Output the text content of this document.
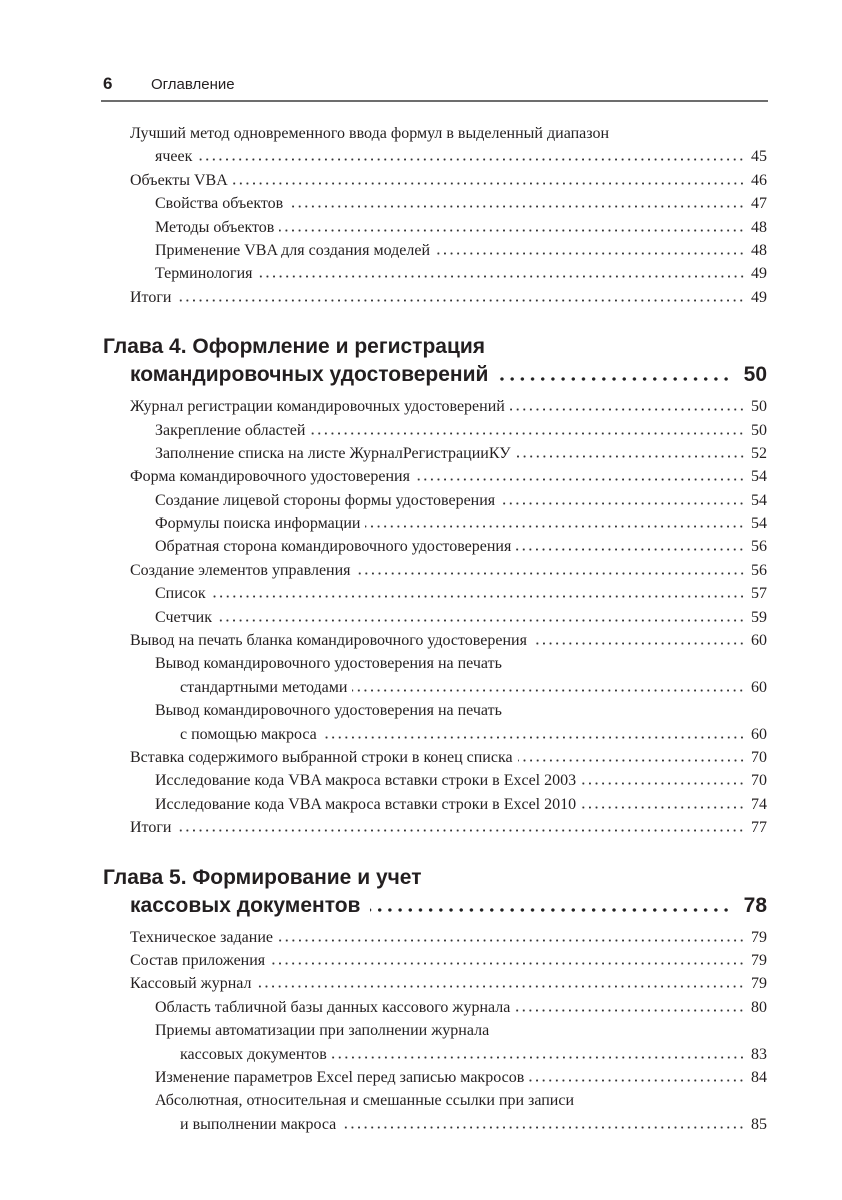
6	Оглавление
Лучший метод одновременного ввода формул в выделенный диапазон
ячеек	45
Объекты VBA	46
Свойства объектов	47
Методы объектов	48
Применение VBA для создания моделей	48
Терминология	49
Итоги	49
Глава 4. Оформление и регистрация
командировочных удостоверений	50
Журнал регистрации командировочных удостоверений	50
Закрепление областей	50
Заполнение списка на листе ЖурналРегистрацииКУ	52
Форма командировочного удостоверения	54
Создание лицевой стороны формы удостоверения	54
Формулы поиска информации	54
Обратная сторона командировочного удостоверения	56
Создание элементов управления	56
Список	57
Счетчик	59
Вывод на печать бланка командировочного удостоверения	60
Вывод командировочного удостоверения на печать
стандартными методами	60
Вывод командировочного удостоверения на печать
с помощью макроса	60
Вставка содержимого выбранной строки в конец списка	70
Исследование кода VBA макроса вставки строки в Excel 2003	70
Исследование кода VBA макроса вставки строки в Excel 2010	74
Итоги	77
Глава 5. Формирование и учет
кассовых документов	78
Техническое задание	79
Состав приложения	79
Кассовый журнал	79
Область табличной базы данных кассового журнала	80
Приемы автоматизации при заполнении журнала
кассовых документов	83
Изменение параметров Excel перед записью макросов	84
Абсолютная, относительная и смешанные ссылки при записи
и выполнении макроса	85
